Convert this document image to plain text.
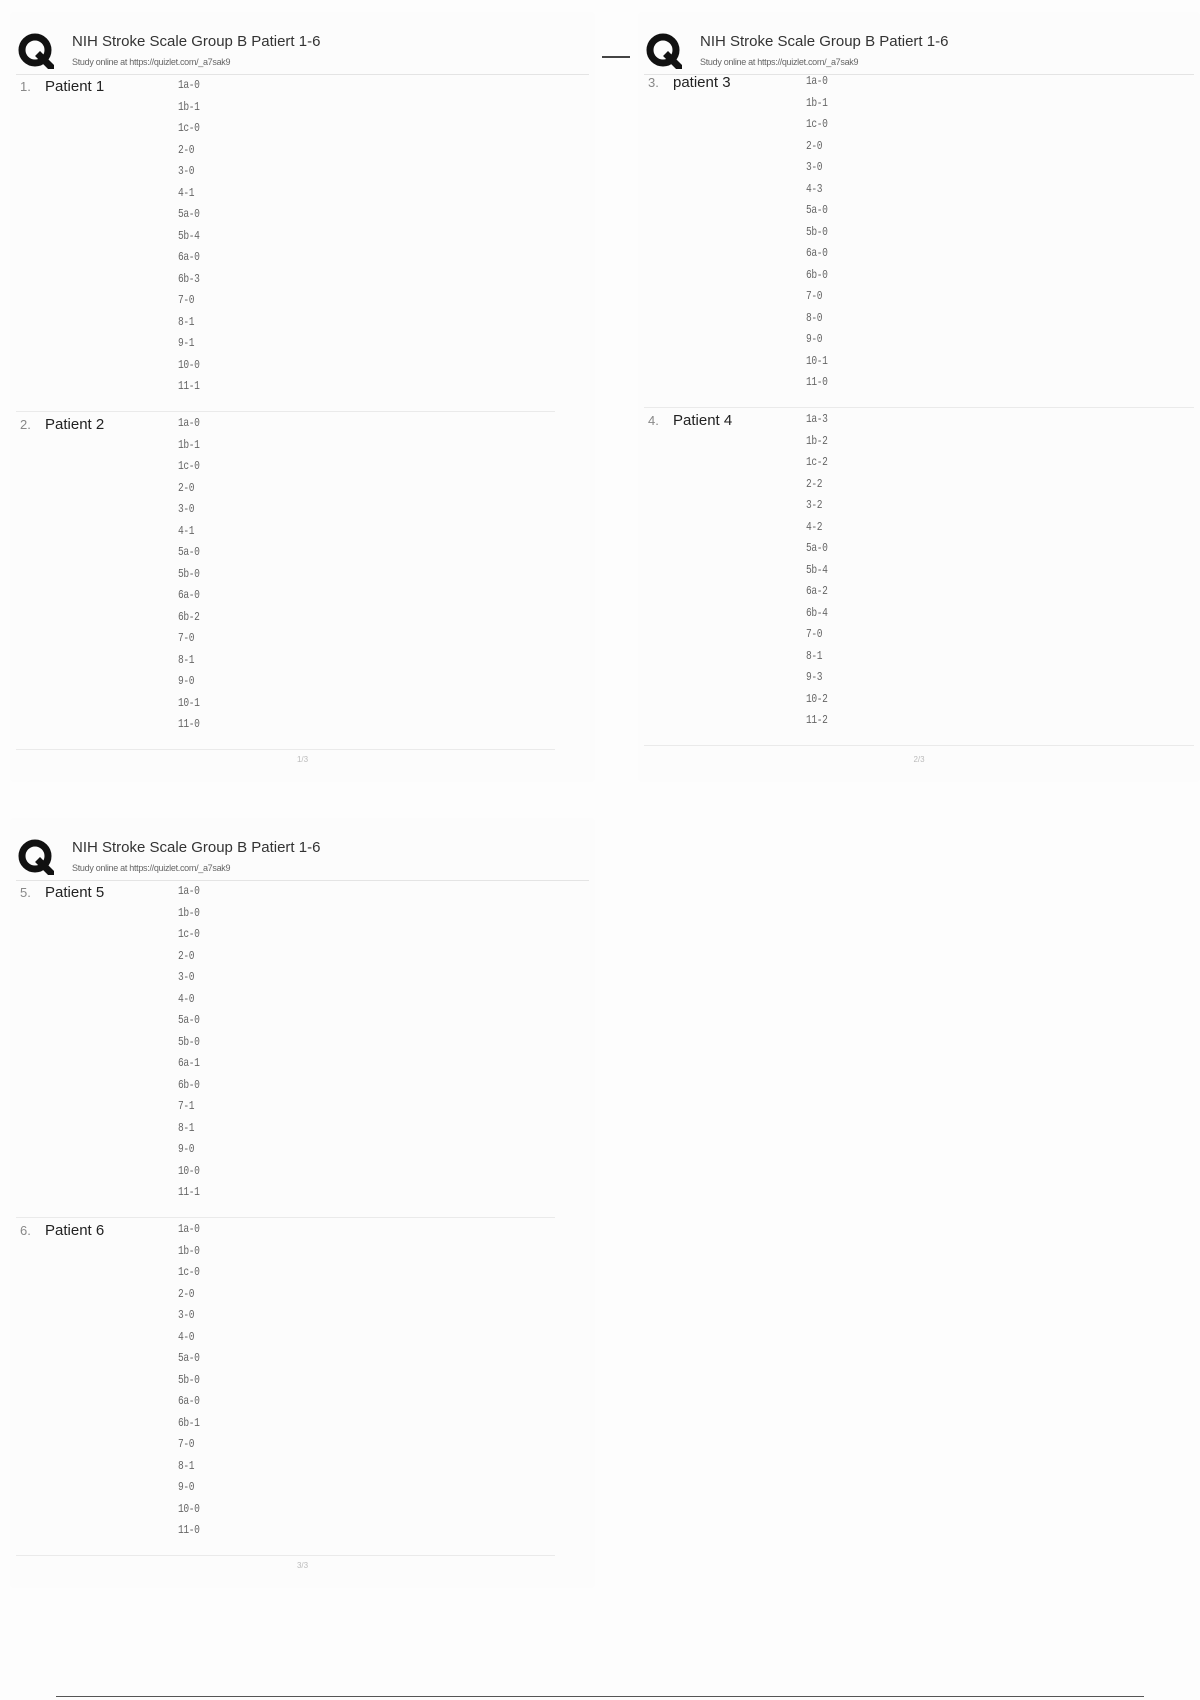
NIH Stroke Scale Group B Patiert 1-6
Study online at https://quizlet.com/_a7sak9
1. Patient 1	1a-0
1b-1
1c-0
2-0
3-0
4-1
5a-0
5b-4
6a-0
6b-3
7-0
8-1
9-1
10-0
11-1
2. Patient 2	1a-0
1b-1
1c-0
2-0
3-0
4-1
5a-0
5b-0
6a-0
6b-2
7-0
8-1
9-0
10-1
11-0
1/3
NIH Stroke Scale Group B Patiert 1-6
Study online at https://quizlet.com/_a7sak9
3. patient 3	1a-0
1b-1
1c-0
2-0
3-0
4-3
5a-0
5b-0
6a-0
6b-0
7-0
8-0
9-0
10-1
11-0
4. Patient 4	1a-3
1b-2
1c-2
2-2
3-2
4-2
5a-0
5b-4
6a-2
6b-4
7-0
8-1
9-3
10-2
11-2
2/3
NIH Stroke Scale Group B Patiert 1-6
Study online at https://quizlet.com/_a7sak9
5. Patient 5	1a-0
1b-0
1c-0
2-0
3-0
4-0
5a-0
5b-0
6a-1
6b-0
7-1
8-1
9-0
10-0
11-1
6. Patient 6	1a-0
1b-0
1c-0
2-0
3-0
4-0
5a-0
5b-0
6a-0
6b-1
7-0
8-1
9-0
10-0
11-0
3/3
